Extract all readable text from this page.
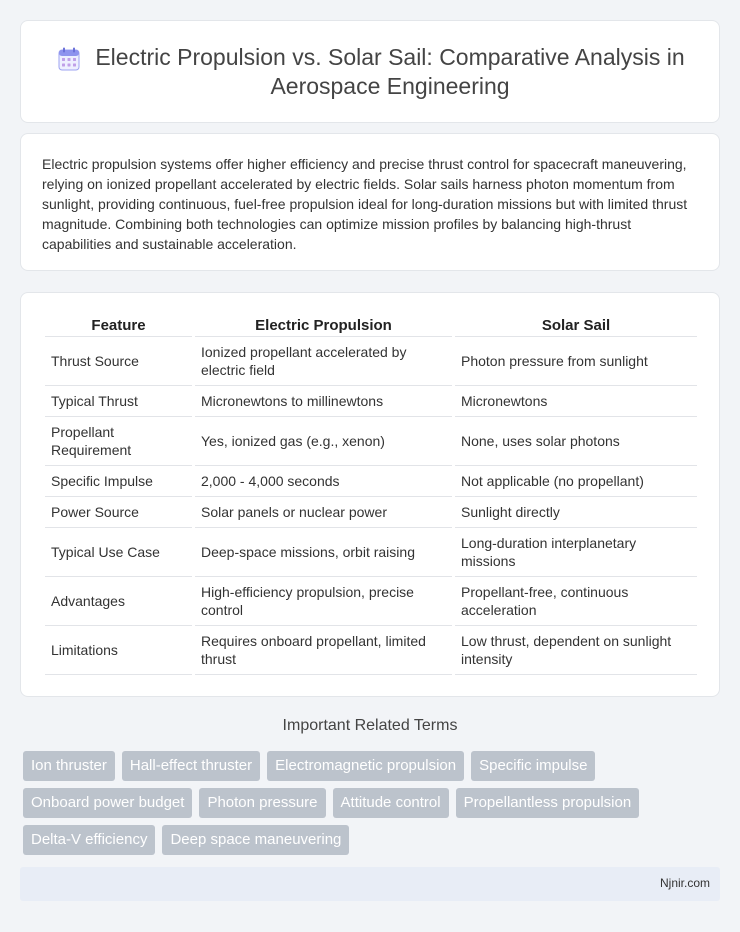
Electric Propulsion vs. Solar Sail: Comparative Analysis in Aerospace Engineering

Electric propulsion systems offer higher efficiency and precise thrust control for spacecraft maneuvering, relying on ionized propellant accelerated by electric fields. Solar sails harness photon momentum from sunlight, providing continuous, fuel-free propulsion ideal for long-duration missions but with limited thrust magnitude. Combining both technologies can optimize mission profiles by balancing high-thrust capabilities and sustainable acceleration.

Feature	Electric Propulsion	Solar Sail
Thrust Source	Ionized propellant accelerated by electric field	Photon pressure from sunlight
Typical Thrust	Micronewtons to millinewtons	Micronewtons
Propellant Requirement	Yes, ionized gas (e.g., xenon)	None, uses solar photons
Specific Impulse	2,000 - 4,000 seconds	Not applicable (no propellant)
Power Source	Solar panels or nuclear power	Sunlight directly
Typical Use Case	Deep-space missions, orbit raising	Long-duration interplanetary missions
Advantages	High-efficiency propulsion, precise control	Propellant-free, continuous acceleration
Limitations	Requires onboard propellant, limited thrust	Low thrust, dependent on sunlight intensity
Important Related Terms
Ion thruster	Hall-effect thruster	Electromagnetic propulsion	Specific impulse
Onboard power budget	Photon pressure	Attitude control	Propellantless propulsion
Delta-V efficiency	Deep space maneuvering
Njnir.com
